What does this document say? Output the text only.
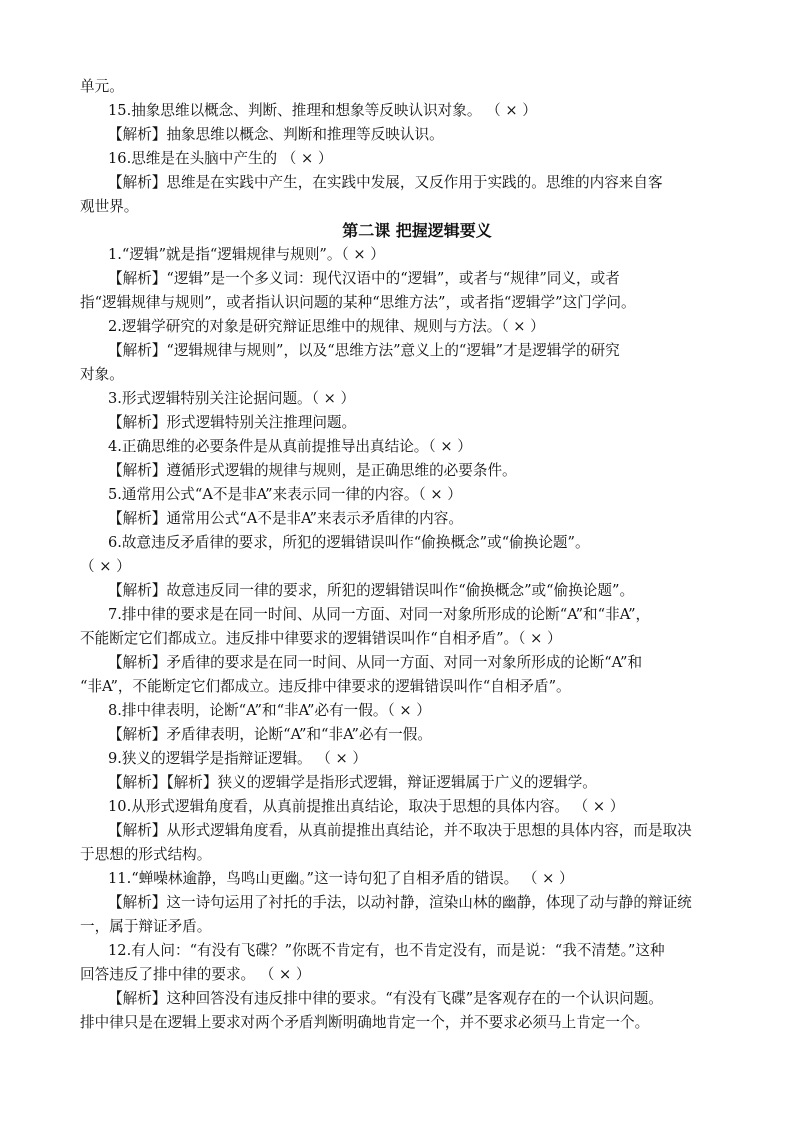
单元。
15.抽象思维以概念、判断、推理和想象等反映认识对象。 （ × ）
【解析】抽象思维以概念、判断和推理等反映认识。
16.思维是在头脑中产生的 （ × ）
【解析】思维是在实践中产生，在实践中发展，又反作用于实践的。思维的内容来自客
观世界。
第二课 把握逻辑要义
1.“逻辑”就是指“逻辑规律与规则”。（ × ）
【解析】“逻辑”是一个多义词：现代汉语中的“逻辑”，或者与“规律”同义，或者
指“逻辑规律与规则”，或者指认识问题的某种“思维方法”，或者指“逻辑学”这门学问。
2.逻辑学研究的对象是研究辩证思维中的规律、规则与方法。（ × ）
【解析】“逻辑规律与规则”，以及“思维方法”意义上的“逻辑”才是逻辑学的研究
对象。
3.形式逻辑特别关注论据问题。（ × ）
【解析】形式逻辑特别关注推理问题。
4.正确思维的必要条件是从真前提推导出真结论。（ × ）
【解析】遵循形式逻辑的规律与规则，是正确思维的必要条件。
5.通常用公式“A不是非A”来表示同一律的内容。（ × ）
【解析】通常用公式“A不是非A”来表示矛盾律的内容。
6.故意违反矛盾律的要求，所犯的逻辑错误叫作“偷换概念”或“偷换论题”。
（ × ）
【解析】故意违反同一律的要求，所犯的逻辑错误叫作“偷换概念”或“偷换论题”。
7.排中律的要求是在同一时间、从同一方面、对同一对象所形成的论断“A”和“非A”，
不能断定它们都成立。违反排中律要求的逻辑错误叫作“自相矛盾”。（ × ）
【解析】矛盾律的要求是在同一时间、从同一方面、对同一对象所形成的论断“A”和
“非A”，不能断定它们都成立。违反排中律要求的逻辑错误叫作“自相矛盾”。
8.排中律表明，论断“A”和“非A”必有一假。（ × ）
【解析】矛盾律表明，论断“A”和“非A”必有一假。
9.狭义的逻辑学是指辩证逻辑。 （ × ）
【解析】【解析】狭义的逻辑学是指形式逻辑，辩证逻辑属于广义的逻辑学。
10.从形式逻辑角度看，从真前提推出真结论，取决于思想的具体内容。 （ × ）
【解析】从形式逻辑角度看，从真前提推出真结论，并不取决于思想的具体内容，而是取决
于思想的形式结构。
11.“蝉噪林逾静，鸟鸣山更幽。”这一诗句犯了自相矛盾的错误。 （ × ）
【解析】这一诗句运用了衬托的手法，以动衬静，渲染山林的幽静，体现了动与静的辩证统
一，属于辩证矛盾。
12.有人问：“有没有飞碟？”你既不肯定有，也不肯定没有，而是说：“我不清楚。”这种
回答违反了排中律的要求。 （ × ）
【解析】这种回答没有违反排中律的要求。“有没有飞碟”是客观存在的一个认识问题。
排中律只是在逻辑上要求对两个矛盾判断明确地肯定一个，并不要求必须马上肯定一个。
